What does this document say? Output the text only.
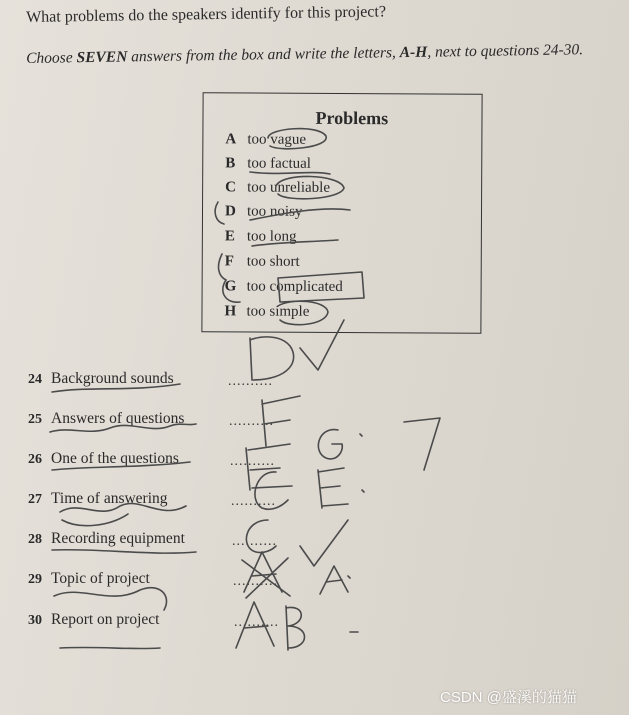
What problems do the speakers identify for this project?
Choose SEVEN answers from the box and write the letters, A-H, next to questions 24-30.
Problems
A too vague
B too factual
C too unreliable
D too noisy
E too long
F too short
G too complicated
H too simple
24 Background sounds
25 Answers of questions
26 One of the questions
27 Time of answering
28 Recording equipment
29 Topic of project
30 Report on project
..........
..........
..........
..........
..........
..........
..........
CSDN @盛溪的猫猫
